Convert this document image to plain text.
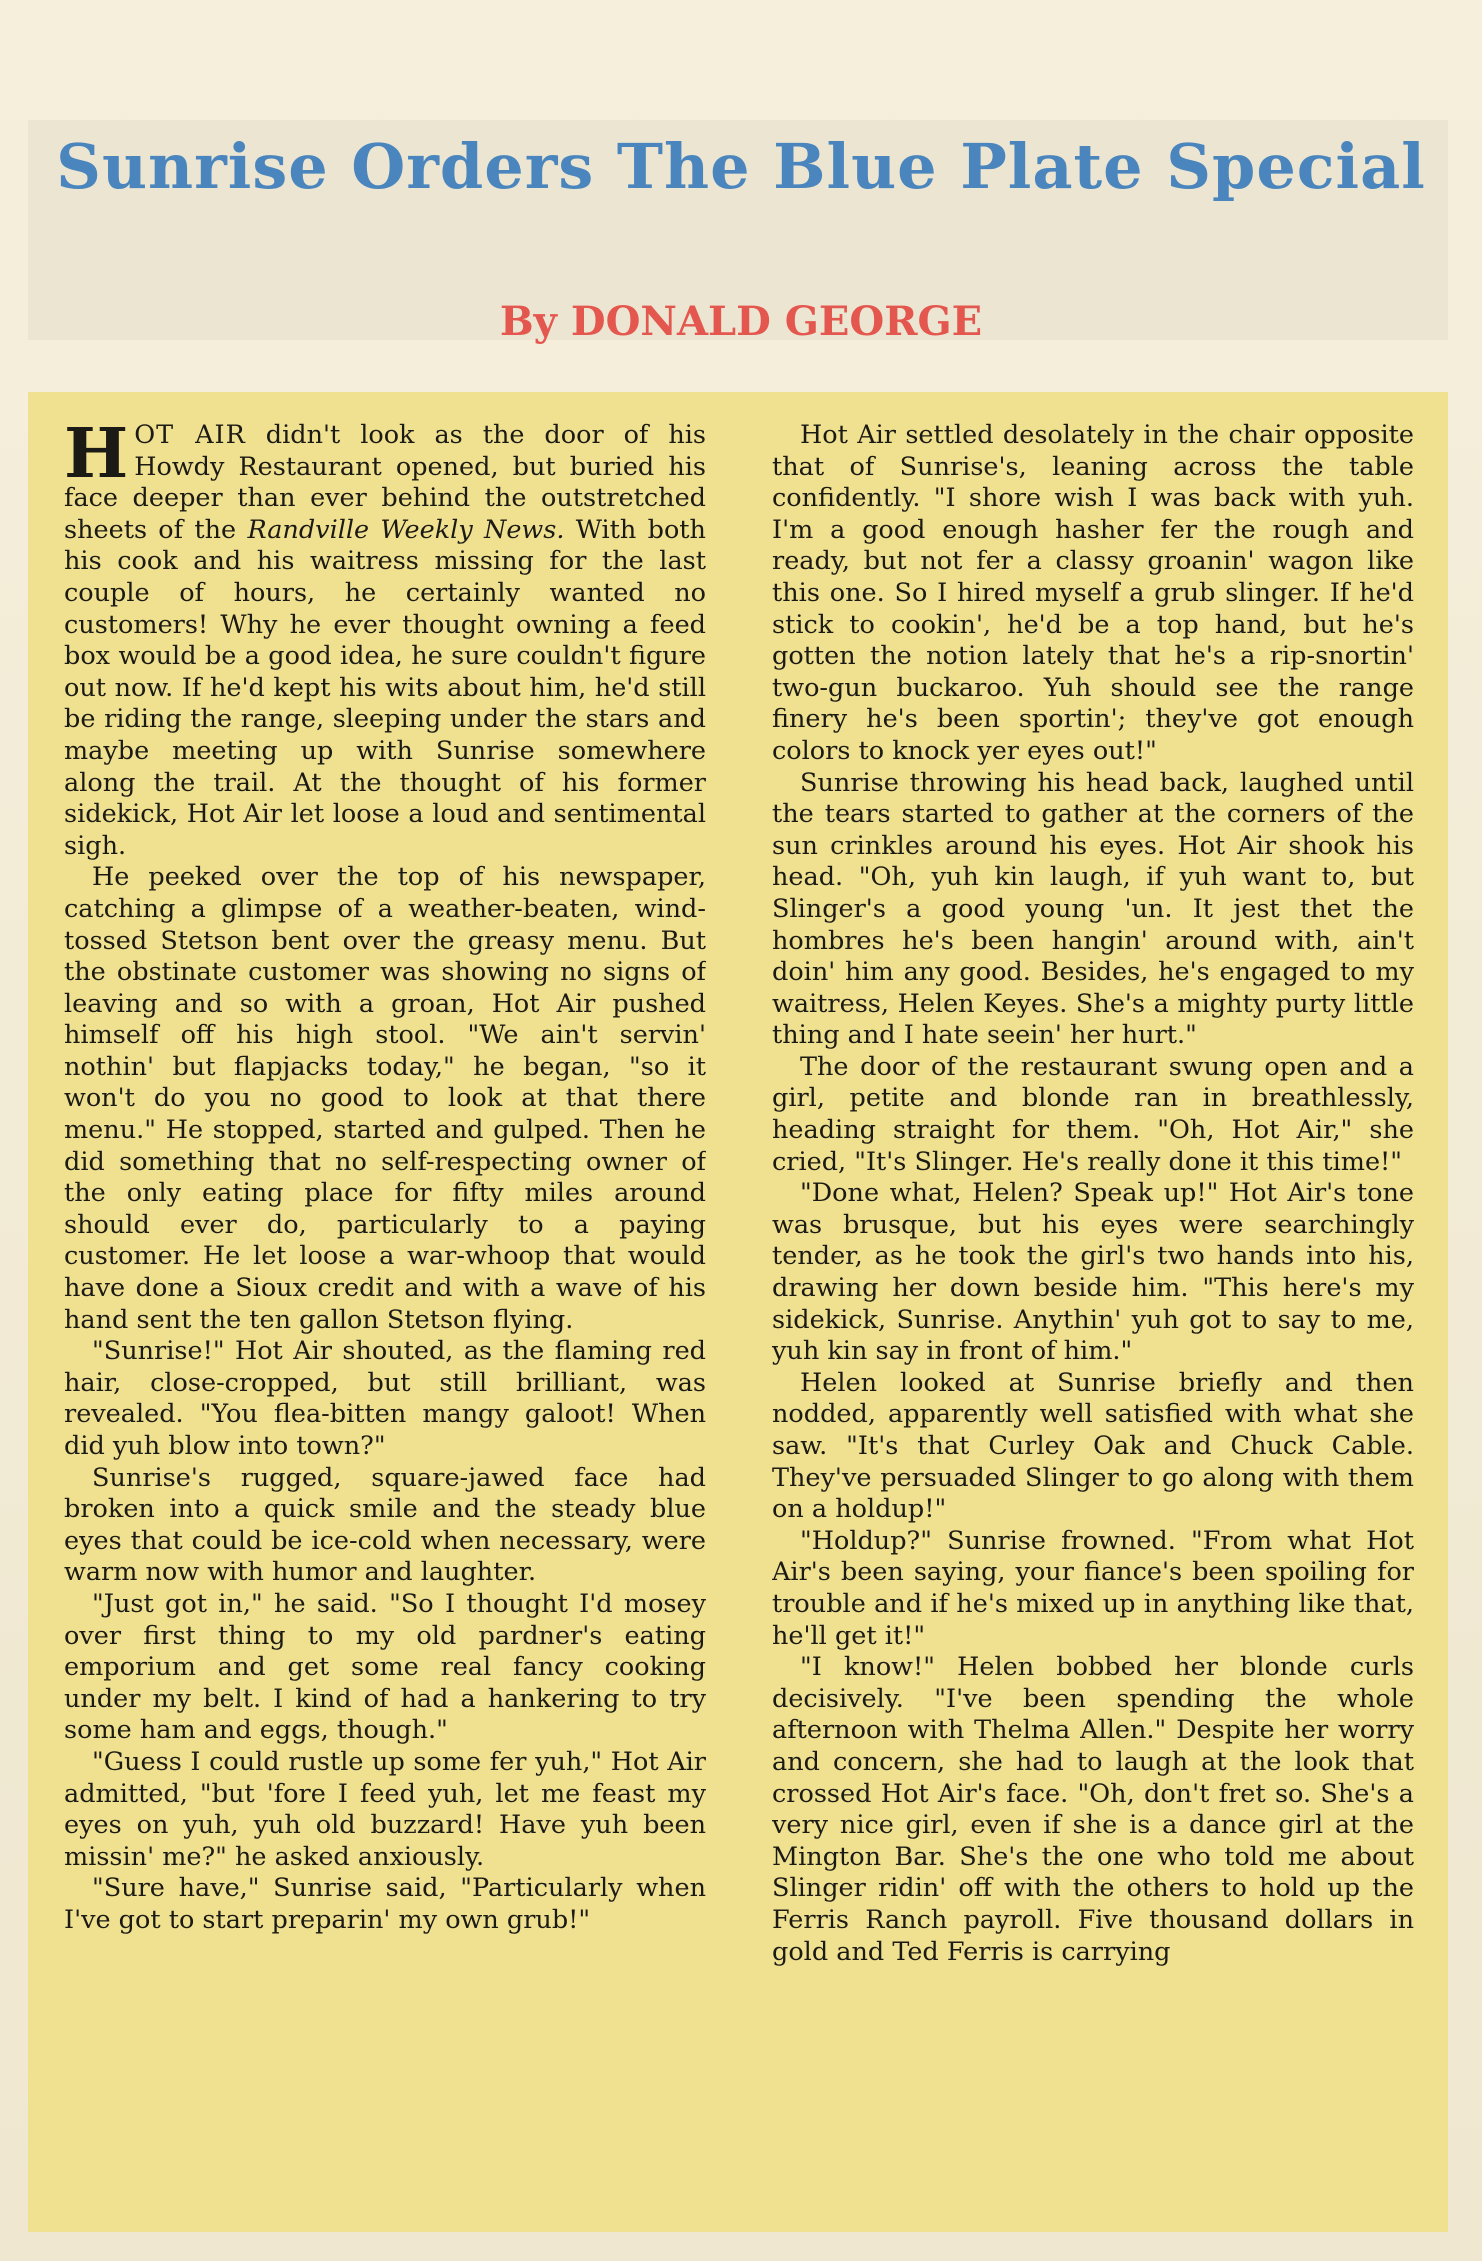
Sunrise Orders The Blue Plate Special
By DONALD GEORGE

HOT AIR didn't look as the door of his Howdy Restaurant opened, but buried his face deeper than ever behind the outstretched sheets of the Randville Weekly News. With both his cook and his waitress missing for the last couple of hours, he certainly wanted no customers! Why he ever thought owning a feed box would be a good idea, he sure couldn't figure out now. If he'd kept his wits about him, he'd still be riding the range, sleeping under the stars and maybe meeting up with Sunrise somewhere along the trail. At the thought of his former sidekick, Hot Air let loose a loud and sentimental sigh.

He peeked over the top of his newspaper, catching a glimpse of a weather-beaten, wind-tossed Stetson bent over the greasy menu. But the obstinate customer was showing no signs of leaving and so with a groan, Hot Air pushed himself off his high stool. "We ain't servin' nothin' but flapjacks today," he began, "so it won't do you no good to look at that there menu." He stopped, started and gulped. Then he did something that no self-respecting owner of the only eating place for fifty miles around should ever do, particularly to a paying customer. He let loose a war-whoop that would have done a Sioux credit and with a wave of his hand sent the ten gallon Stetson flying.

"Sunrise!" Hot Air shouted, as the flaming red hair, close-cropped, but still brilliant, was revealed. "You flea-bitten mangy galoot! When did yuh blow into town?"

Sunrise's rugged, square-jawed face had broken into a quick smile and the steady blue eyes that could be ice-cold when necessary, were warm now with humor and laughter.

"Just got in," he said. "So I thought I'd mosey over first thing to my old pardner's eating emporium and get some real fancy cooking under my belt. I kind of had a hankering to try some ham and eggs, though."

"Guess I could rustle up some fer yuh," Hot Air admitted, "but 'fore I feed yuh, let me feast my eyes on yuh, yuh old buzzard! Have yuh been missin' me?" he asked anxiously.

"Sure have," Sunrise said, "Particularly when I've got to start preparin' my own grub!"

Hot Air settled desolately in the chair opposite that of Sunrise's, leaning across the table confidently. "I shore wish I was back with yuh. I'm a good enough hasher fer the rough and ready, but not fer a classy groanin' wagon like this one. So I hired myself a grub slinger. If he'd stick to cookin', he'd be a top hand, but he's gotten the notion lately that he's a rip-snortin' two-gun buckaroo. Yuh should see the range finery he's been sportin'; they've got enough colors to knock yer eyes out!"

Sunrise throwing his head back, laughed until the tears started to gather at the corners of the sun crinkles around his eyes. Hot Air shook his head. "Oh, yuh kin laugh, if yuh want to, but Slinger's a good young 'un. It jest thet the hombres he's been hangin' around with, ain't doin' him any good. Besides, he's engaged to my waitress, Helen Keyes. She's a mighty purty little thing and I hate seein' her hurt."

The door of the restaurant swung open and a girl, petite and blonde ran in breathlessly, heading straight for them. "Oh, Hot Air," she cried, "It's Slinger. He's really done it this time!"

"Done what, Helen? Speak up!" Hot Air's tone was brusque, but his eyes were searchingly tender, as he took the girl's two hands into his, drawing her down beside him. "This here's my sidekick, Sunrise. Anythin' yuh got to say to me, yuh kin say in front of him."

Helen looked at Sunrise briefly and then nodded, apparently well satisfied with what she saw. "It's that Curley Oak and Chuck Cable. They've persuaded Slinger to go along with them on a holdup!"

"Holdup?" Sunrise frowned. "From what Hot Air's been saying, your fiance's been spoiling for trouble and if he's mixed up in anything like that, he'll get it!"

"I know!" Helen bobbed her blonde curls decisively. "I've been spending the whole afternoon with Thelma Allen." Despite her worry and concern, she had to laugh at the look that crossed Hot Air's face. "Oh, don't fret so. She's a very nice girl, even if she is a dance girl at the Mington Bar. She's the one who told me about Slinger ridin' off with the others to hold up the Ferris Ranch payroll. Five thousand dollars in gold and Ted Ferris is carrying
